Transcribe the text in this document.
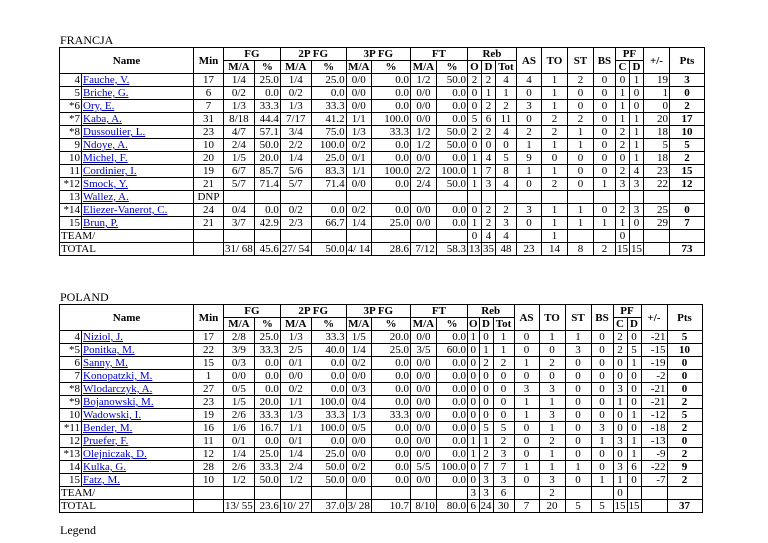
FRANCJA
Name		Min	FG		2P FG		3P FG		FT		Reb			AS	TO	ST	BS	PF		+/-	Pts
			M/A	%	M/A	%	M/A	%	M/A	%	O	D	Tot					C	D		
4	Fauche, V.	17	1/4	25.0	1/4	25.0	0/0	0.0	1/2	50.0	2	2	4	4	1	2	0	0	1	19	3
5	Briche, G.	6	0/2	0.0	0/2	0.0	0/0	0.0	0/0	0.0	0	1	1	0	1	0	0	1	0	1	0
*6	Ory, E.	7	1/3	33.3	1/3	33.3	0/0	0.0	0/0	0.0	0	2	2	3	1	0	0	1	0	0	2
*7	Kaba, A.	31	8/18	44.4	7/17	41.2	1/1	100.0	0/0	0.0	5	6	11	0	2	2	0	1	1	20	17
*8	Dussoulier, L.	23	4/7	57.1	3/4	75.0	1/3	33.3	1/2	50.0	2	2	4	2	2	1	0	2	1	18	10
9	Ndoye, A.	10	2/4	50.0	2/2	100.0	0/2	0.0	1/2	50.0	0	0	0	1	1	1	0	2	1	5	5
10	Michel, F.	20	1/5	20.0	1/4	25.0	0/1	0.0	0/0	0.0	1	4	5	9	0	0	0	0	1	18	2
11	Cordinier, I.	19	6/7	85.7	5/6	83.3	1/1	100.0	2/2	100.0	1	7	8	1	1	0	0	2	4	23	15
*12	Smock, Y.	21	5/7	71.4	5/7	71.4	0/0	0.0	2/4	50.0	1	3	4	0	2	0	1	3	3	22	12
13	Wallez, A.	DNP																			
*14	Eliezer-Vanerot, C.	24	0/4	0.0	0/2	0.0	0/2	0.0	0/0	0.0	0	2	2	3	1	1	0	2	3	25	0
15	Brun, P.	21	3/7	42.9	2/3	66.7	1/4	25.0	0/0	0.0	1	2	3	0	1	1	1	1	0	29	7
TEAM/											0	4	4		1			0			
TOTAL			31/ 68	45.6	27/ 54	50.0	4/ 14	28.6	7/12	58.3	13	35	48	23	14	8	2	15	15		73
POLAND
Name		Min	FG		2P FG		3P FG		FT		Reb			AS	TO	ST	BS	PF		+/-	Pts
			M/A	%	M/A	%	M/A	%	M/A	%	O	D	Tot					C	D		
4	Niziol, J.	17	2/8	25.0	1/3	33.3	1/5	20.0	0/0	0.0	1	0	1	0	1	1	0	2	0	-21	5
*5	Ponitka, M.	22	3/9	33.3	2/5	40.0	1/4	25.0	3/5	60.0	0	1	1	0	0	3	0	2	5	-15	10
6	Sanny, M.	15	0/3	0.0	0/1	0.0	0/2	0.0	0/0	0.0	0	2	2	1	2	0	0	0	1	-19	0
7	Konopatzki, M.	1	0/0	0.0	0/0	0.0	0/0	0.0	0/0	0.0	0	0	0	0	0	0	0	0	0	-2	0
*8	Wlodarczyk, A.	27	0/5	0.0	0/2	0.0	0/3	0.0	0/0	0.0	0	0	0	3	3	0	0	3	0	-21	0
*9	Bojanowski, M.	23	1/5	20.0	1/1	100.0	0/4	0.0	0/0	0.0	0	0	0	1	1	0	0	1	0	-21	2
10	Wadowski, I.	19	2/6	33.3	1/3	33.3	1/3	33.3	0/0	0.0	0	0	0	1	3	0	0	0	1	-12	5
*11	Bender, M.	16	1/6	16.7	1/1	100.0	0/5	0.0	0/0	0.0	0	5	5	0	1	0	3	0	0	-18	2
12	Pruefer, F.	11	0/1	0.0	0/1	0.0	0/0	0.0	0/0	0.0	1	1	2	0	2	0	1	3	1	-13	0
*13	Olejniczak, D.	12	1/4	25.0	1/4	25.0	0/0	0.0	0/0	0.0	1	2	3	0	1	0	0	0	1	-9	2
14	Kulka, G.	28	2/6	33.3	2/4	50.0	0/2	0.0	5/5	100.0	0	7	7	1	1	1	0	3	6	-22	9
15	Fatz, M.	10	1/2	50.0	1/2	50.0	0/0	0.0	0/0	0.0	0	3	3	0	3	0	1	1	0	-7	2
TEAM/											3	3	6		2			0			
TOTAL			13/ 55	23.6	10/ 27	37.0	3/ 28	10.7	8/10	80.0	6	24	30	7	20	5	5	15	15		37
Legend
